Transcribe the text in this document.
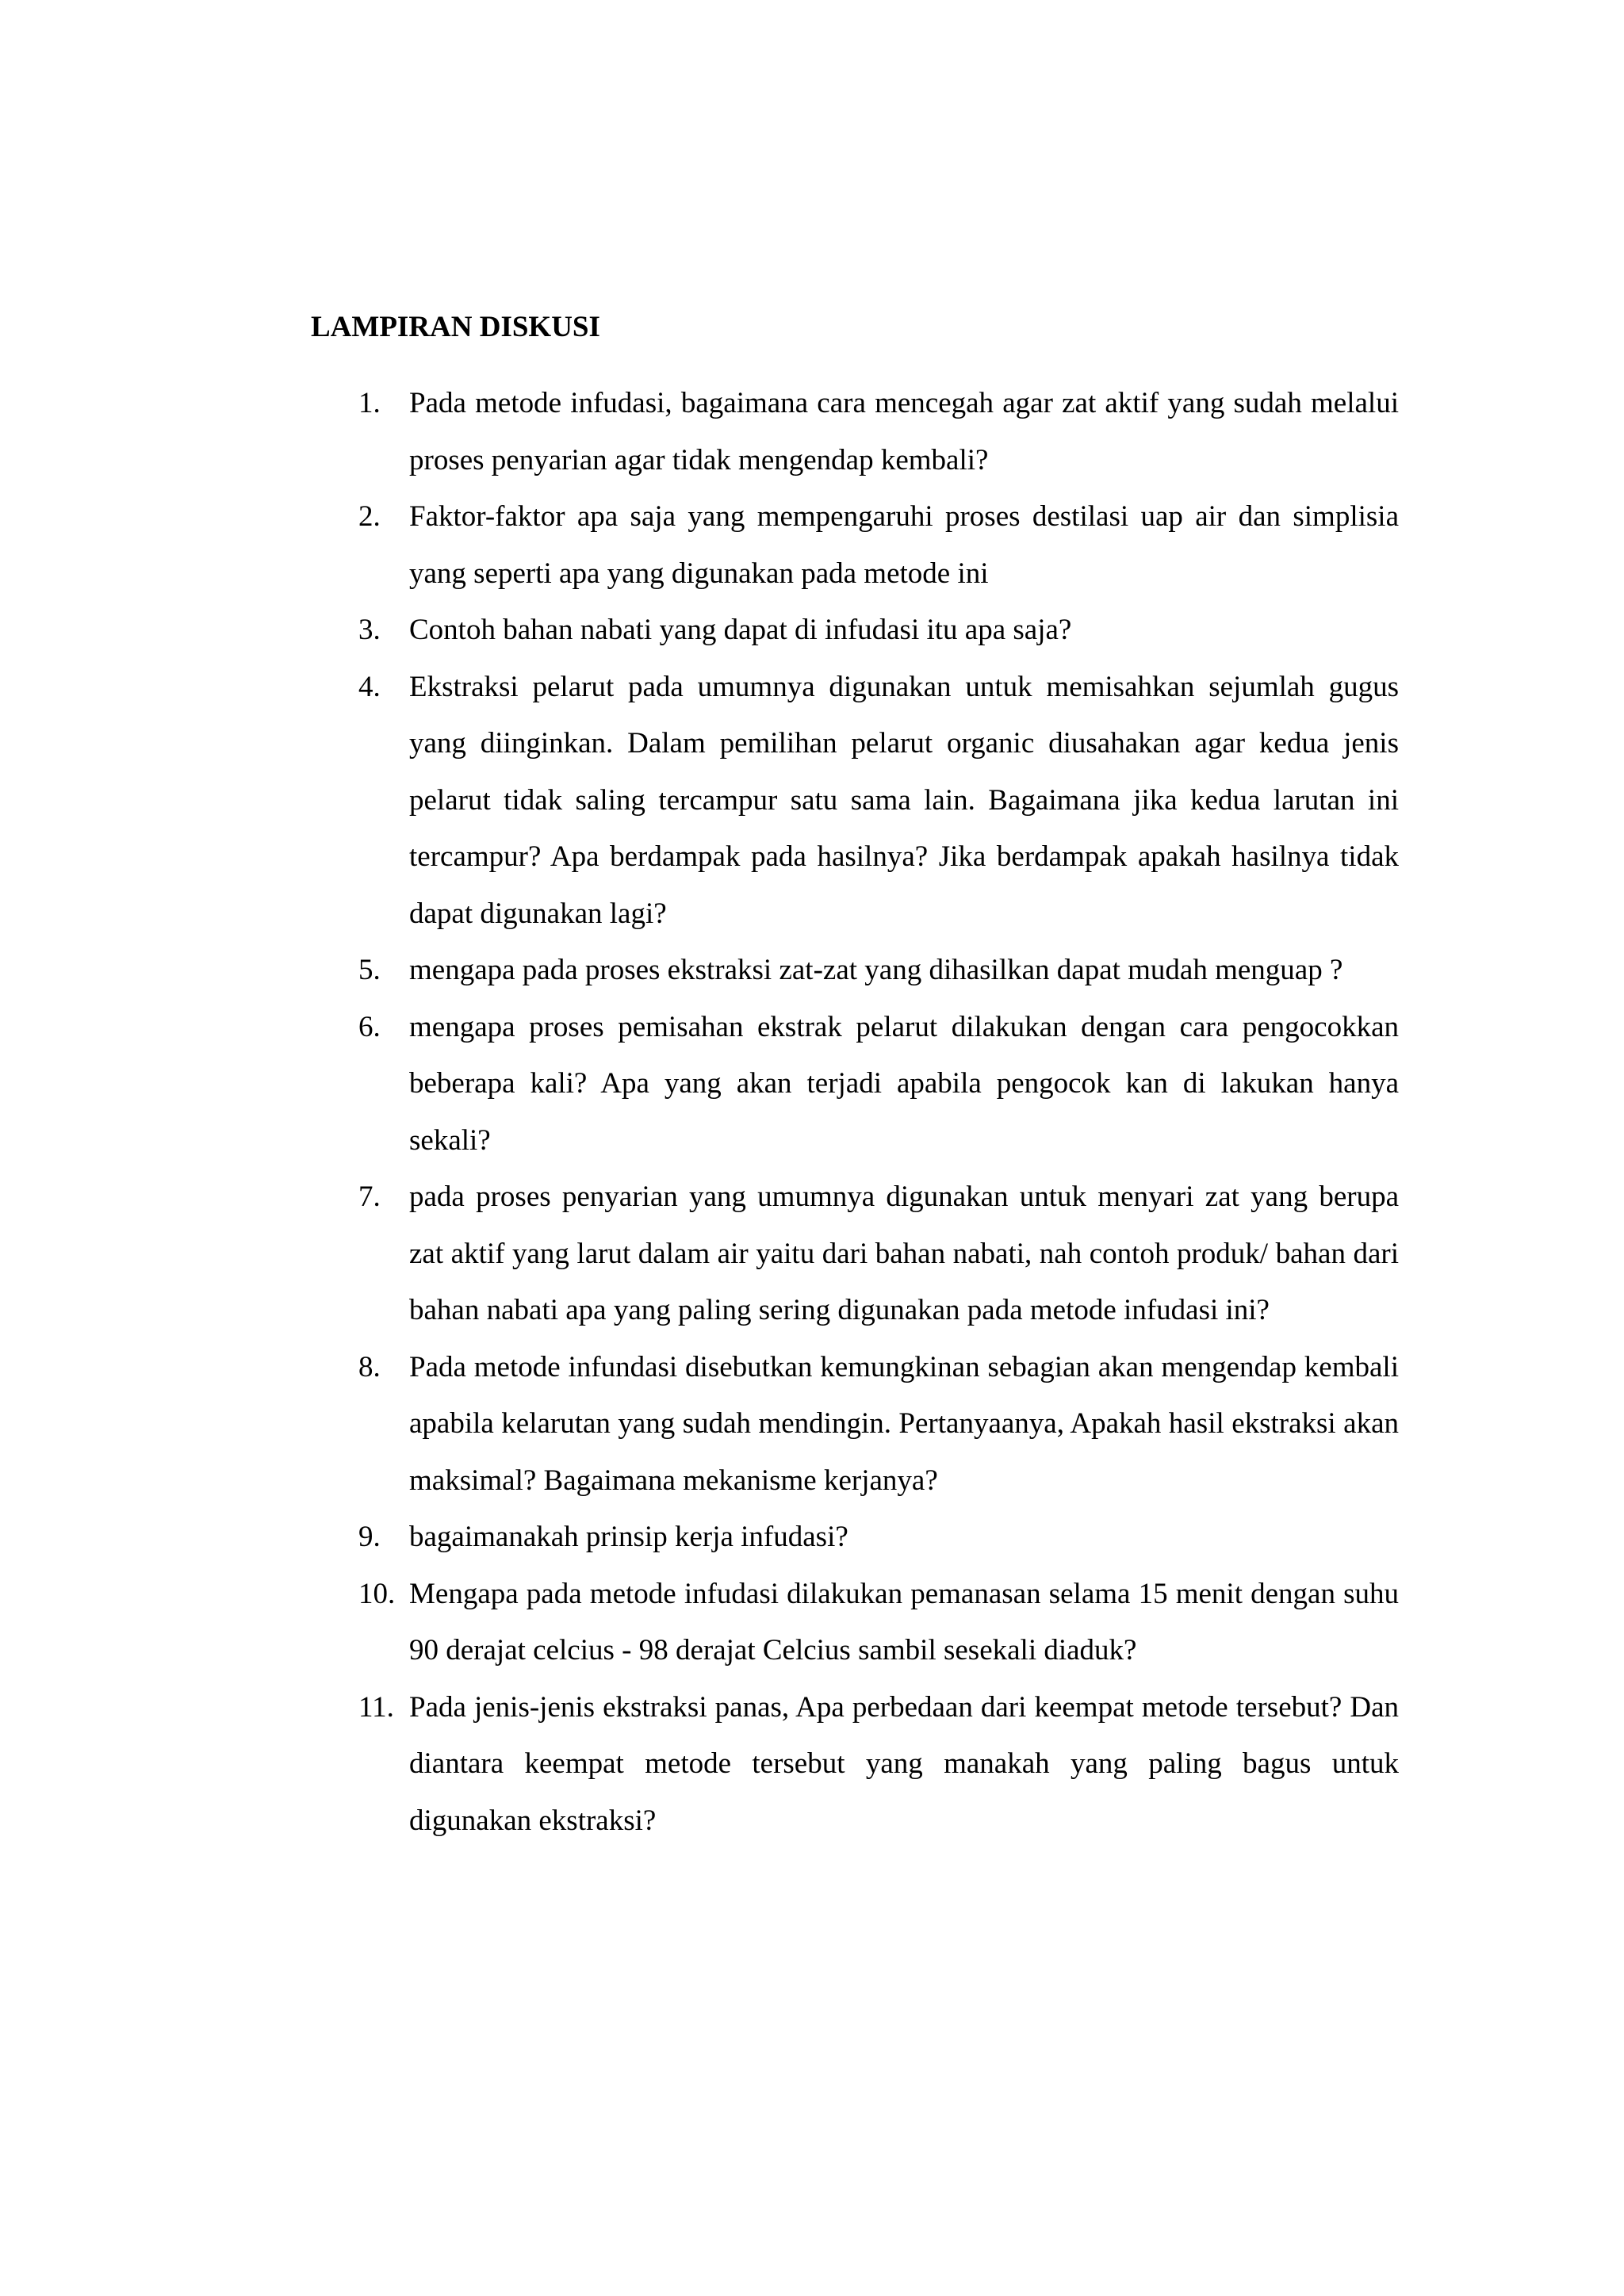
LAMPIRAN DISKUSI
1. Pada metode infudasi, bagaimana cara mencegah agar zat aktif yang sudah melalui proses penyarian agar tidak mengendap kembali?
2. Faktor-faktor apa saja yang mempengaruhi proses destilasi uap air dan simplisia yang seperti apa yang digunakan pada metode ini
3. Contoh bahan nabati yang dapat di infudasi itu apa saja?
4. Ekstraksi pelarut pada umumnya digunakan untuk memisahkan sejumlah gugus yang diinginkan. Dalam pemilihan pelarut organic diusahakan agar kedua jenis pelarut tidak saling tercampur satu sama lain. Bagaimana jika kedua larutan ini tercampur? Apa berdampak pada hasilnya? Jika berdampak apakah hasilnya tidak dapat digunakan lagi?
5. mengapa pada proses ekstraksi zat-zat yang dihasilkan dapat mudah menguap ?
6. mengapa proses pemisahan ekstrak pelarut dilakukan dengan cara pengocokkan beberapa kali? Apa yang akan terjadi apabila pengocok kan di lakukan hanya sekali?
7. pada proses penyarian yang umumnya digunakan untuk menyari zat yang berupa zat aktif yang larut dalam air yaitu dari bahan nabati, nah contoh produk/ bahan dari bahan nabati apa yang paling sering digunakan pada metode infudasi ini?
8. Pada metode infundasi disebutkan kemungkinan sebagian akan mengendap kembali apabila kelarutan yang sudah mendingin. Pertanyaanya, Apakah hasil ekstraksi akan maksimal? Bagaimana mekanisme kerjanya?
9. bagaimanakah prinsip kerja infudasi?
10. Mengapa pada metode infudasi dilakukan pemanasan selama 15 menit dengan suhu 90 derajat celcius - 98 derajat Celcius sambil sesekali diaduk?
11. Pada jenis-jenis ekstraksi panas, Apa perbedaan dari keempat metode tersebut? Dan diantara keempat metode tersebut yang manakah yang paling bagus untuk digunakan ekstraksi?
